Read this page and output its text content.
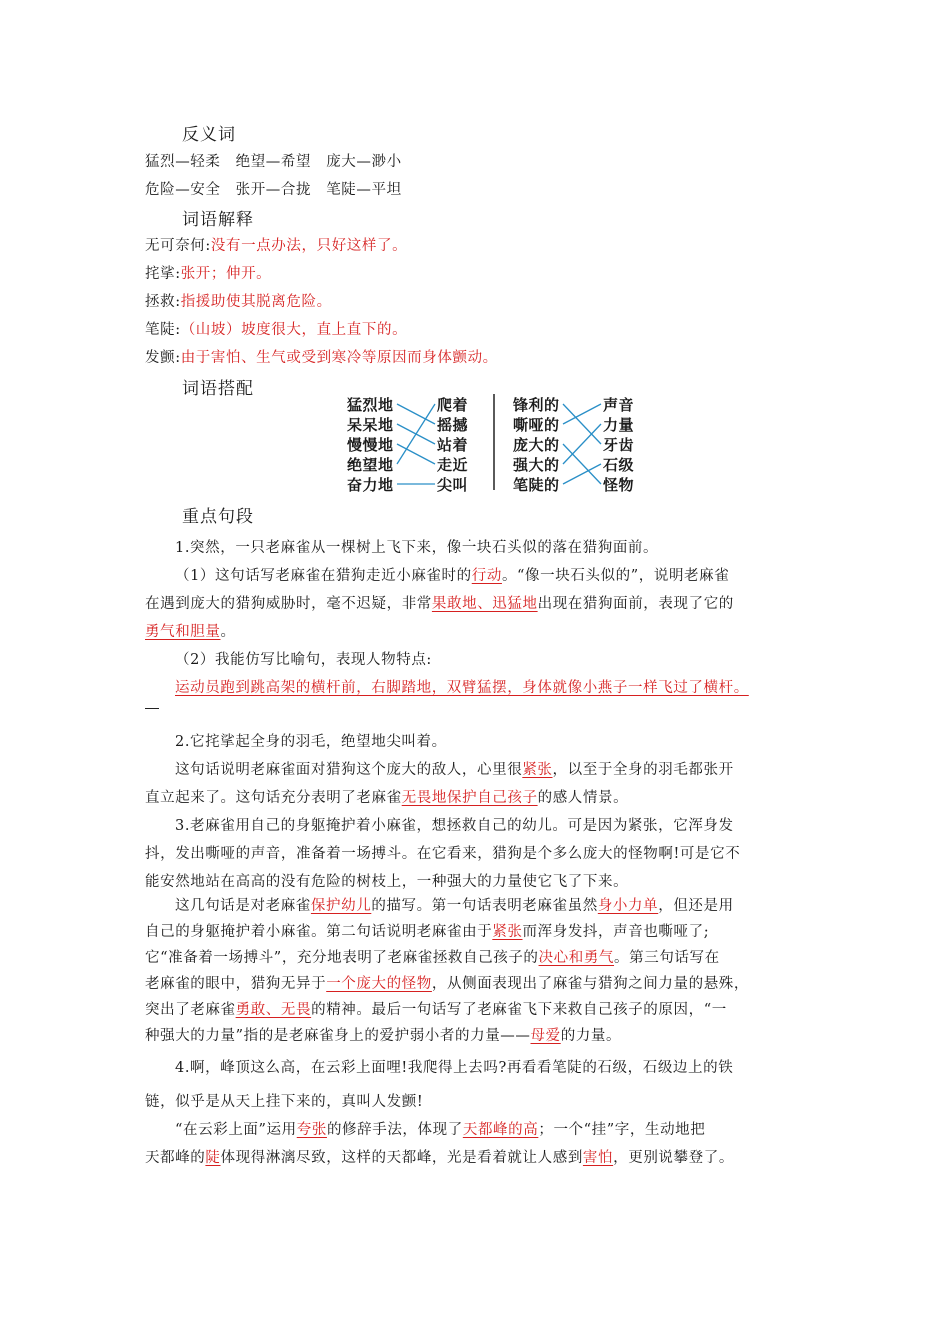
反义词
猛烈—轻柔　绝望—希望　庞大—渺小
危险—安全　张开—合拢　笔陡—平坦
词语解释
无可奈何:没有一点办法，只好这样了。
挓挲:张开；伸开。
拯救:指援助使其脱离危险。
笔陡:（山坡）坡度很大，直上直下的。
发颤:由于害怕、生气或受到寒冷等原因而身体颤动。
词语搭配
猛烈地
呆呆地
慢慢地
绝望地
奋力地
爬着
摇撼
站着
走近
尖叫
锋利的
嘶哑的
庞大的
强大的
笔陡的
声音
力量
牙齿
石级
怪物
重点句段
1.突然，一只老麻雀从一棵树上飞下来，像一块石头似的
. . . . . . .
落在猎狗面前。
（1）这句话写老麻雀在猎狗走近小麻雀时的行动。“像一块石头似的”，说明老麻雀
在遇到庞大的猎狗威胁时，毫不迟疑，非常果敢地、迅猛地出现在猎狗面前，表现了它的
勇气和胆量。
（2）我能仿写比喻句，表现人物特点:
运动员跑到跳高架的横杆前，右脚踏地，双臂猛摆，身体就像小燕子一样飞过了横杆。
2.它挓挲起全身的羽毛，绝望地尖叫着。
这句话说明老麻雀面对猎狗这个庞大的敌人，心里很紧张，以至于全身的羽毛都张开
直立起来了。这句话充分表明了老麻雀无畏地保护自己孩子的感人情景。
3.老麻雀用自己的身躯掩护着小麻雀，想拯救自己的幼儿。可是因为紧张，它浑身发
抖，发出嘶哑的声音，准备着一场搏斗。在它看来，猎狗是个多么庞大的怪物啊!可是它不
能安然地站在高高的没有危险的树枝上，一种强大的力量使它飞了下来。
这几句话是对老麻雀保护幼儿的描写。第一句话表明老麻雀虽然身小力单，但还是用
自己的身躯掩护着小麻雀。第二句话说明老麻雀由于紧张而浑身发抖，声音也嘶哑了;
它“准备着一场搏斗”，充分地表明了老麻雀拯救自己孩子的决心和勇气。第三句话写在
老麻雀的眼中，猎狗无异于一个庞大的怪物，从侧面表现出了麻雀与猎狗之间力量的悬殊，
突出了老麻雀勇敢、无畏的精神。最后一句话写了老麻雀飞下来救自己孩子的原因，“一
种强大的力量”指的是老麻雀身上的爱护弱小者的力量——母爱的力量。
4.啊，峰顶这么高，在云彩上面哩!我爬得上去吗?再看看笔陡的石级，石级边上的铁
链，似乎是从天上挂
.
下来的，真叫人发颤!
“在云彩上面”运用夸张的修辞手法，体现了天都峰的高；一个“挂”字，生动地把
天都峰的陡体现得淋漓尽致，这样的天都峰，光是看着就让人感到害怕，更别说攀登了。
